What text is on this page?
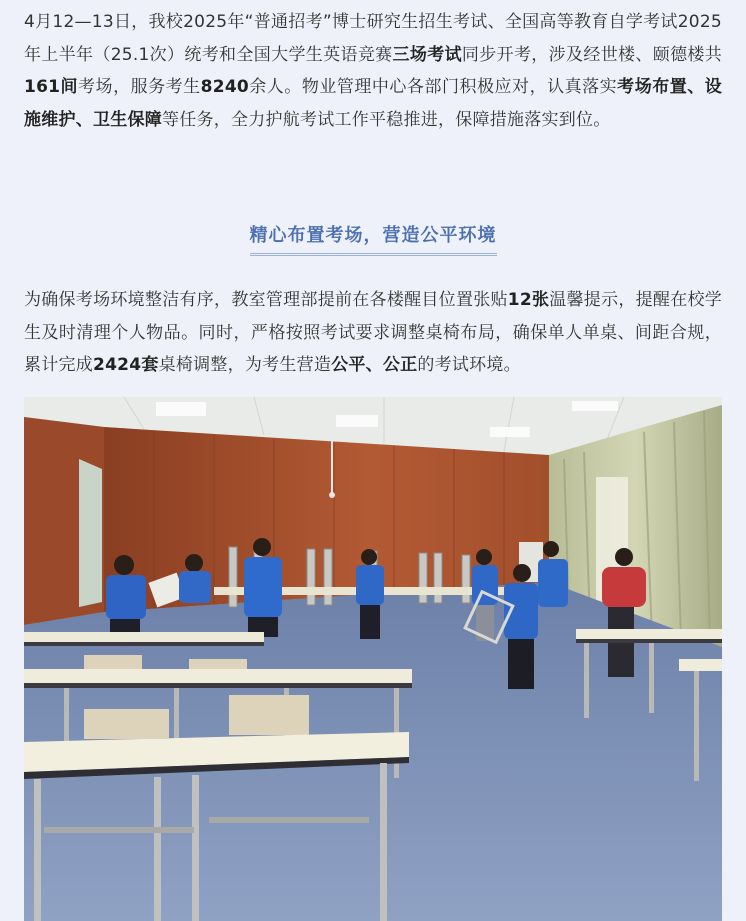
4月12—13日，我校2025年“普通招考”博士研究生招生考试、全国高等教育自学考试2025年上半年（25.1次）统考和全国大学生英语竞赛三场考试同步开考，涉及经世楼、颐德楼共161间考场，服务考生8240余人。物业管理中心各部门积极应对，认真落实考场布置、设施维护、卫生保障等任务，全力护航考试工作平稳推进，保障措施落实到位。

精心布置考场，营造公平环境

为确保考场环境整洁有序，教室管理部提前在各楼醒目位置张贴12张温馨提示，提醒在校学生及时清理个人物品。同时，严格按照考试要求调整桌椅布局，确保单人单桌、间距合规，累计完成2424套桌椅调整，为考生营造公平、公正的考试环境。
